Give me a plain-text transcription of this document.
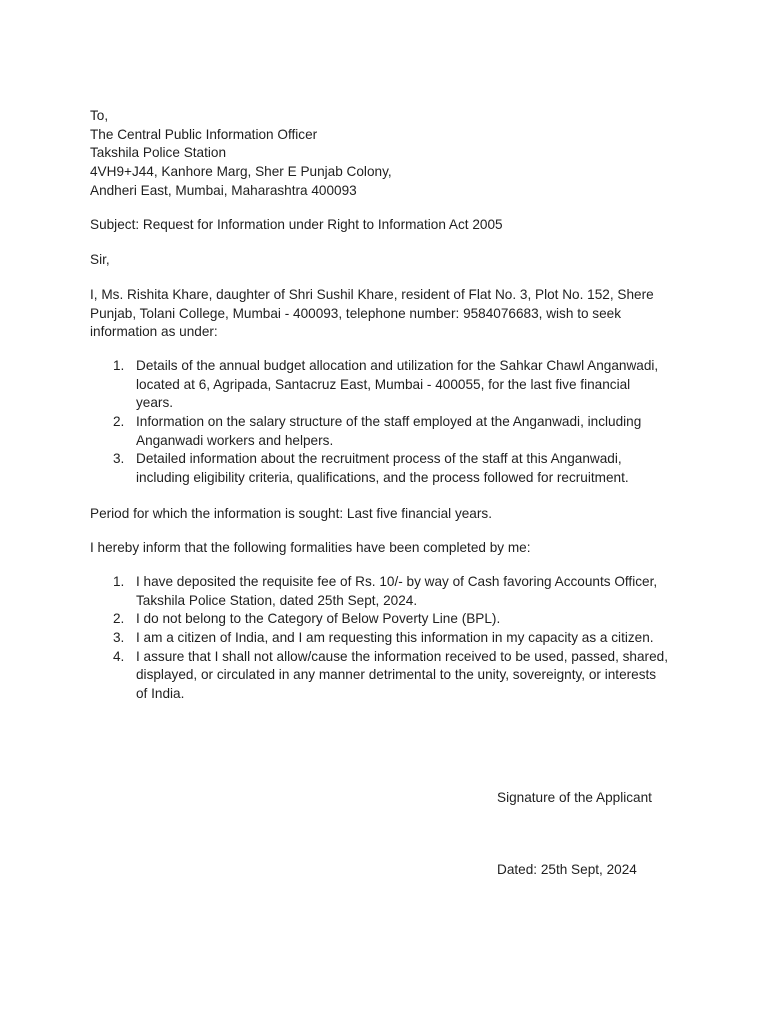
To,
The Central Public Information Officer
Takshila Police Station
4VH9+J44, Kanhore Marg, Sher E Punjab Colony,
Andheri East, Mumbai, Maharashtra 400093
Subject: Request for Information under Right to Information Act 2005
Sir,
I, Ms. Rishita Khare, daughter of Shri Sushil Khare, resident of Flat No. 3, Plot No. 152, Shere
Punjab, Tolani College, Mumbai - 400093, telephone number: 9584076683, wish to seek
information as under:
1. Details of the annual budget allocation and utilization for the Sahkar Chawl Anganwadi,
located at 6, Agripada, Santacruz East, Mumbai - 400055, for the last five financial
years.
2. Information on the salary structure of the staff employed at the Anganwadi, including
Anganwadi workers and helpers.
3. Detailed information about the recruitment process of the staff at this Anganwadi,
including eligibility criteria, qualifications, and the process followed for recruitment.
Period for which the information is sought: Last five financial years.
I hereby inform that the following formalities have been completed by me:
1. I have deposited the requisite fee of Rs. 10/- by way of Cash favoring Accounts Officer,
Takshila Police Station, dated 25th Sept, 2024.
2. I do not belong to the Category of Below Poverty Line (BPL).
3. I am a citizen of India, and I am requesting this information in my capacity as a citizen.
4. I assure that I shall not allow/cause the information received to be used, passed, shared,
displayed, or circulated in any manner detrimental to the unity, sovereignty, or interests
of India.
Signature of the Applicant
Dated: 25th Sept, 2024
